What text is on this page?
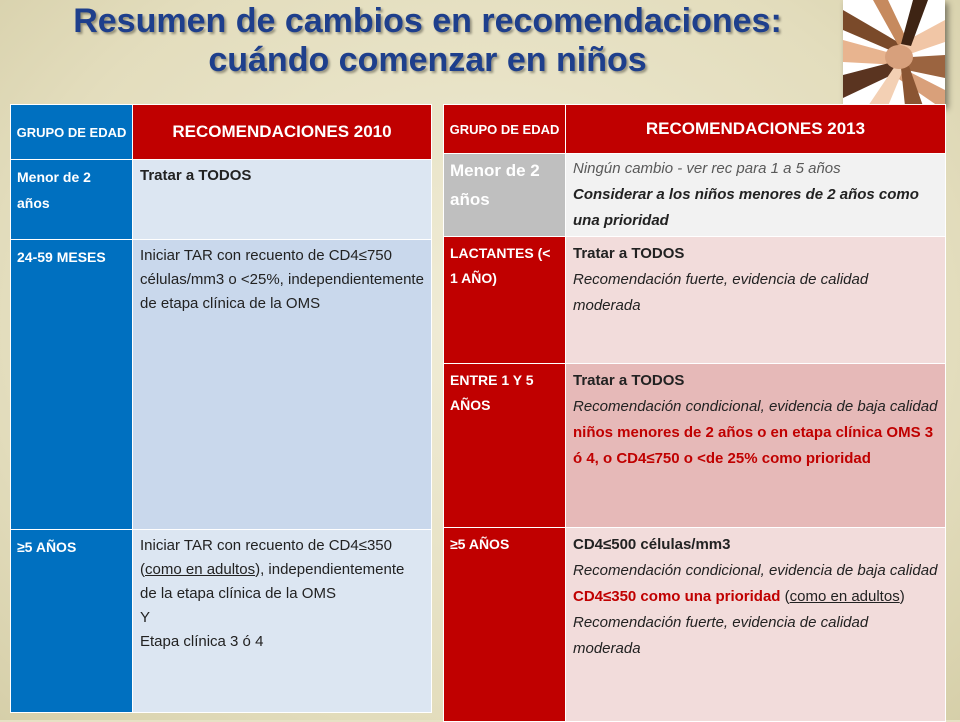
Resumen de cambios en recomendaciones:
cuándo comenzar en niños
GRUPO DE EDAD	RECOMENDACIONES 2010
Menor de 2 años	Tratar a TODOS
24-59 MESES	Iniciar TAR con recuento de CD4≤750 células/mm3 o <25%, independientemente de etapa clínica de la OMS
≥5 AÑOS	Iniciar TAR con recuento de CD4≤350 (como en adultos), independientemente de la etapa clínica de la OMS
Y
Etapa clínica 3 ó 4
GRUPO DE EDAD	RECOMENDACIONES 2013
Menor de 2 años	Ningún cambio - ver rec para 1 a 5 años
Considerar a los niños menores de 2 años como una prioridad

LACTANTES (< 1 AÑO)	Tratar a TODOS
Recomendación fuerte, evidencia de calidad moderada

ENTRE 1 Y 5 AÑOS	Tratar a TODOS
Recomendación condicional, evidencia de baja calidad
niños menores de 2 años o en etapa clínica OMS 3 ó 4, o CD4≤750 o <de 25% como prioridad

≥5 AÑOS	CD4≤500 células/mm3
Recomendación condicional, evidencia de baja calidad
CD4≤350 como una prioridad (como en adultos)
Recomendación fuerte, evidencia de calidad moderada
